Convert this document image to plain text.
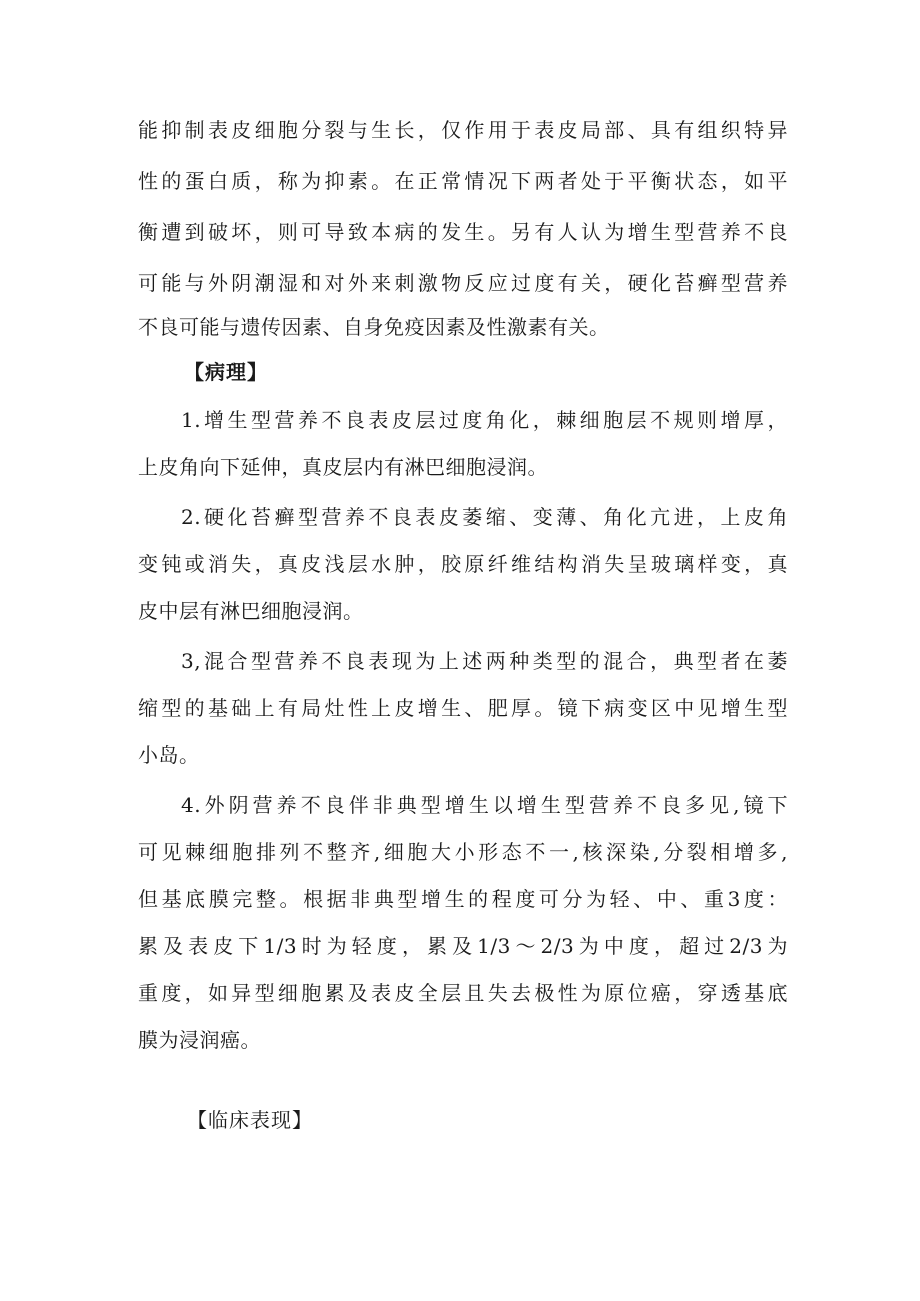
能抑制表皮细胞分裂与生长，仅作用于表皮局部、具有组织特异
性的蛋白质，称为抑素。在正常情况下两者处于平衡状态，如平
衡遭到破坏，则可导致本病的发生。另有人认为增生型营养不良
可能与外阴潮湿和对外来刺激物反应过度有关，硬化苔癣型营养
不良可能与遗传因素、自身免疫因素及性激素有关。
【病理】
1.增生型营养不良表皮层过度角化，棘细胞层不规则增厚，
上皮角向下延伸，真皮层内有淋巴细胞浸润。
2.硬化苔癣型营养不良表皮萎缩、变薄、角化亢进，上皮角
变钝或消失，真皮浅层水肿，胶原纤维结构消失呈玻璃样变，真
皮中层有淋巴细胞浸润。
3,混合型营养不良表现为上述两种类型的混合，典型者在萎
缩型的基础上有局灶性上皮增生、肥厚。镜下病变区中见增生型
小岛。
4.外阴营养不良伴非典型增生以增生型营养不良多见,镜下
可见棘细胞排列不整齐,细胞大小形态不一,核深染,分裂相增多,
但基底膜完整。根据非典型增生的程度可分为轻、中、重3度：
累及表皮下1/3时为轻度，累及1/3～2/3为中度，超过2/3为
重度，如异型细胞累及表皮全层且失去极性为原位癌，穿透基底
膜为浸润癌。
【临床表现】
